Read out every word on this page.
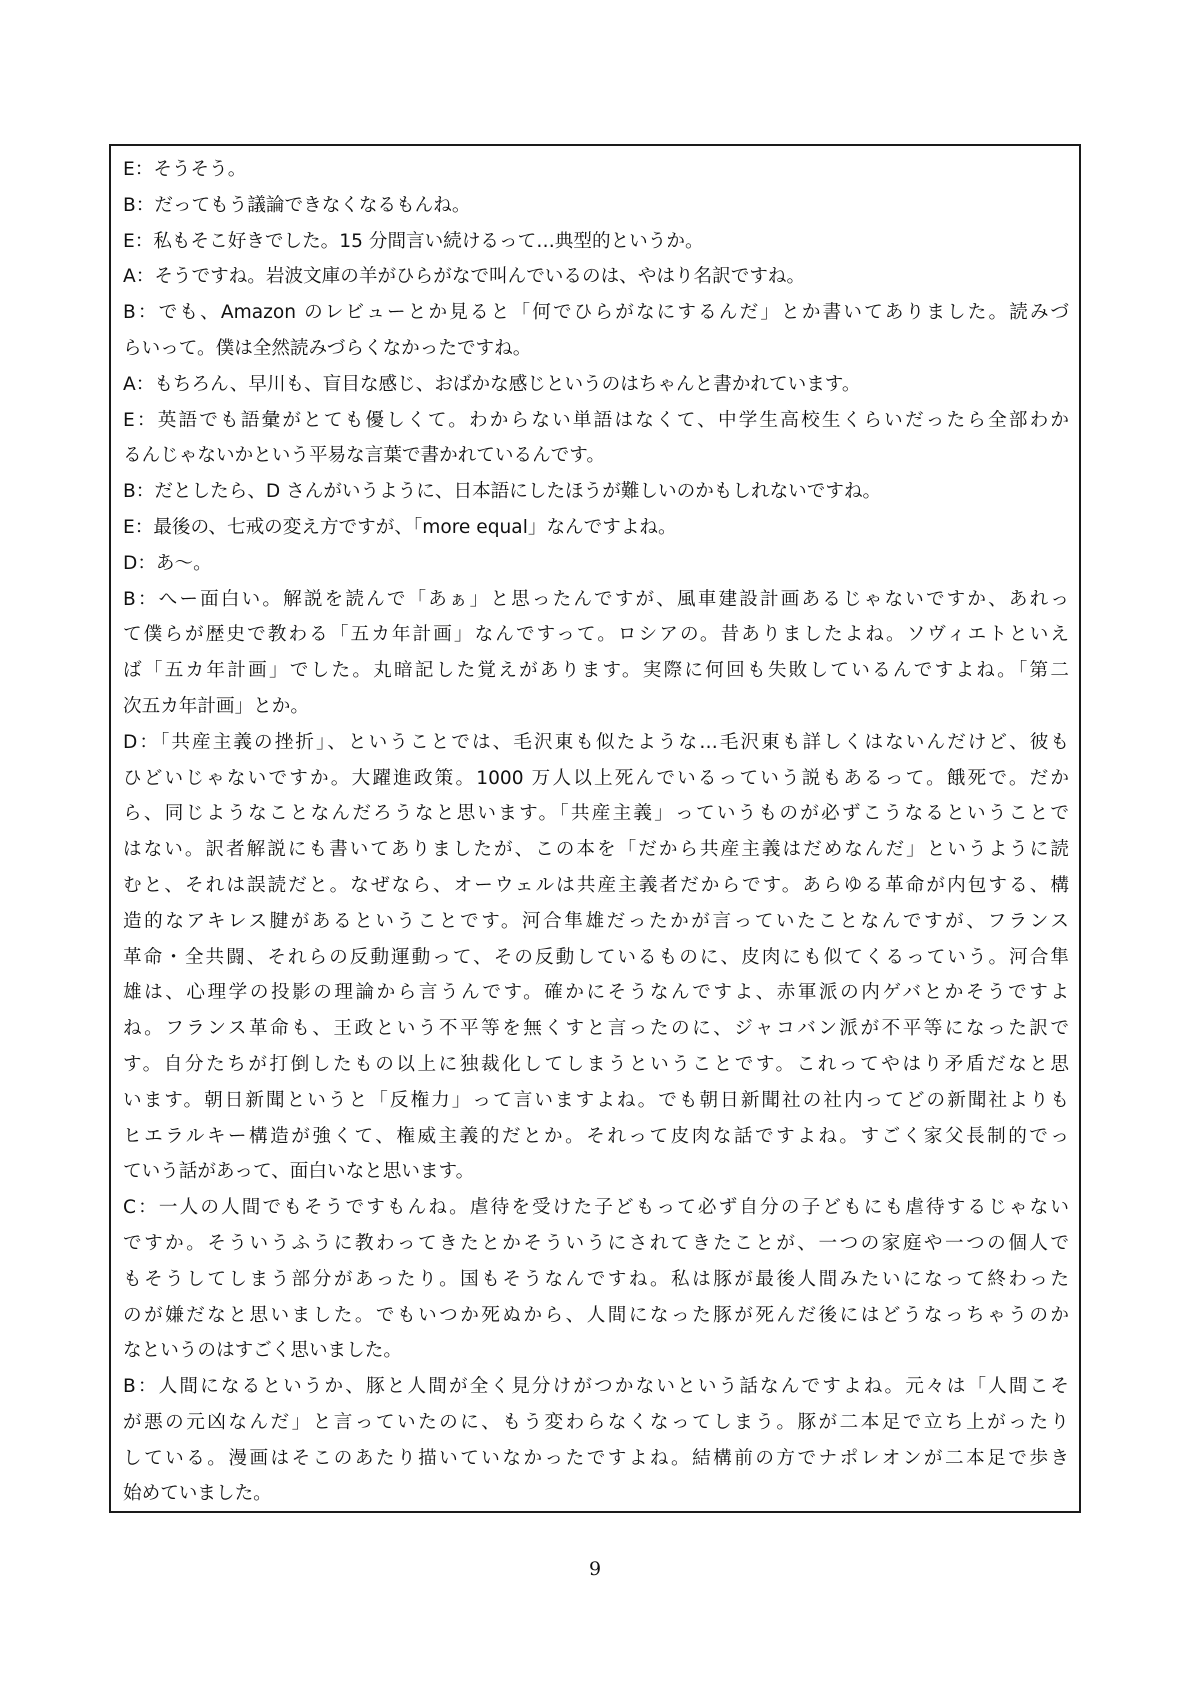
E：そうそう。
B：だってもう議論できなくなるもんね。
E：私もそこ好きでした。15 分間言い続けるって…典型的というか。
A：そうですね。岩波文庫の羊がひらがなで叫んでいるのは、やはり名訳ですね。
B：でも、Amazon のレビューとか見ると「何でひらがなにするんだ」とか書いてありました。読みづ
らいって。僕は全然読みづらくなかったですね。
A：もちろん、早川も、盲目な感じ、おばかな感じというのはちゃんと書かれています。
E：英語でも語彙がとても優しくて。わからない単語はなくて、中学生高校生くらいだったら全部わか
るんじゃないかという平易な言葉で書かれているんです。
B：だとしたら、D さんがいうように、日本語にしたほうが難しいのかもしれないですね。
E：最後の、七戒の変え方ですが、「more equal」なんですよね。
D：あ～。
B：へー面白い。解説を読んで「あぁ」と思ったんですが、風車建設計画あるじゃないですか、あれっ
て僕らが歴史で教わる「五カ年計画」なんですって。ロシアの。昔ありましたよね。ソヴィエトといえ
ば「五カ年計画」でした。丸暗記した覚えがあります。実際に何回も失敗しているんですよね。「第二
次五カ年計画」とか。
D：「共産主義の挫折」、ということでは、毛沢東も似たような…毛沢東も詳しくはないんだけど、彼も
ひどいじゃないですか。大躍進政策。1000 万人以上死んでいるっていう説もあるって。餓死で。だか
ら、同じようなことなんだろうなと思います。「共産主義」っていうものが必ずこうなるということで
はない。訳者解説にも書いてありましたが、この本を「だから共産主義はだめなんだ」というように読
むと、それは誤読だと。なぜなら、オーウェルは共産主義者だからです。あらゆる革命が内包する、構
造的なアキレス腱があるということです。河合隼雄だったかが言っていたことなんですが、フランス
革命・全共闘、それらの反動運動って、その反動しているものに、皮肉にも似てくるっていう。河合隼
雄は、心理学の投影の理論から言うんです。確かにそうなんですよ、赤軍派の内ゲバとかそうですよ
ね。フランス革命も、王政という不平等を無くすと言ったのに、ジャコバン派が不平等になった訳で
す。自分たちが打倒したもの以上に独裁化してしまうということです。これってやはり矛盾だなと思
います。朝日新聞というと「反権力」って言いますよね。でも朝日新聞社の社内ってどの新聞社よりも
ヒエラルキー構造が強くて、権威主義的だとか。それって皮肉な話ですよね。すごく家父長制的でっ
ていう話があって、面白いなと思います。
C：一人の人間でもそうですもんね。虐待を受けた子どもって必ず自分の子どもにも虐待するじゃない
ですか。そういうふうに教わってきたとかそういうにされてきたことが、一つの家庭や一つの個人で
もそうしてしまう部分があったり。国もそうなんですね。私は豚が最後人間みたいになって終わった
のが嫌だなと思いました。でもいつか死ぬから、人間になった豚が死んだ後にはどうなっちゃうのか
なというのはすごく思いました。
B：人間になるというか、豚と人間が全く見分けがつかないという話なんですよね。元々は「人間こそ
が悪の元凶なんだ」と言っていたのに、もう変わらなくなってしまう。豚が二本足で立ち上がったり
している。漫画はそこのあたり描いていなかったですよね。結構前の方でナポレオンが二本足で歩き
始めていました。
9
